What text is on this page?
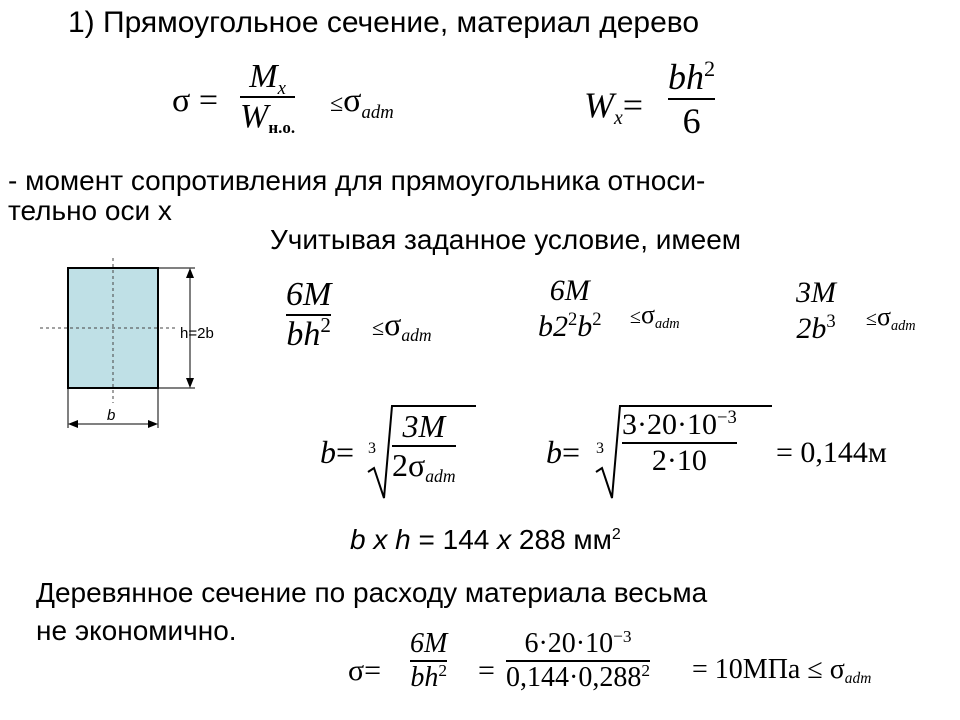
1) Прямоугольное сечение, материал дерево
σ =
Mx
Wн.о.
≤σadm	Wx=
$bh^2$
6
- момент сопротивления для прямоугольника относи-
тельно оси x
Учитывая заданное условие, имеем
h=2b
b
6M
$bh^2 \le\sigma adm$
6M
$b2^2b^2 \le\sigma adm$
3M
$2b^3 \le\sigma adm$
b= 3
3M
2σadm
b= 3
$3\cdot 20\cdot 10^{-3}$
2·10 = 0,144м
b x h = 144 x 288 $мм^2$
Деревянное сечение по расходу материала весьма
не экономично.
σ=
6M
$bh^2$ =
$6\cdot 20\cdot 10^{-3}$
$0,144\cdot 0,288^2 = 10МПа \le \sigma adm$
